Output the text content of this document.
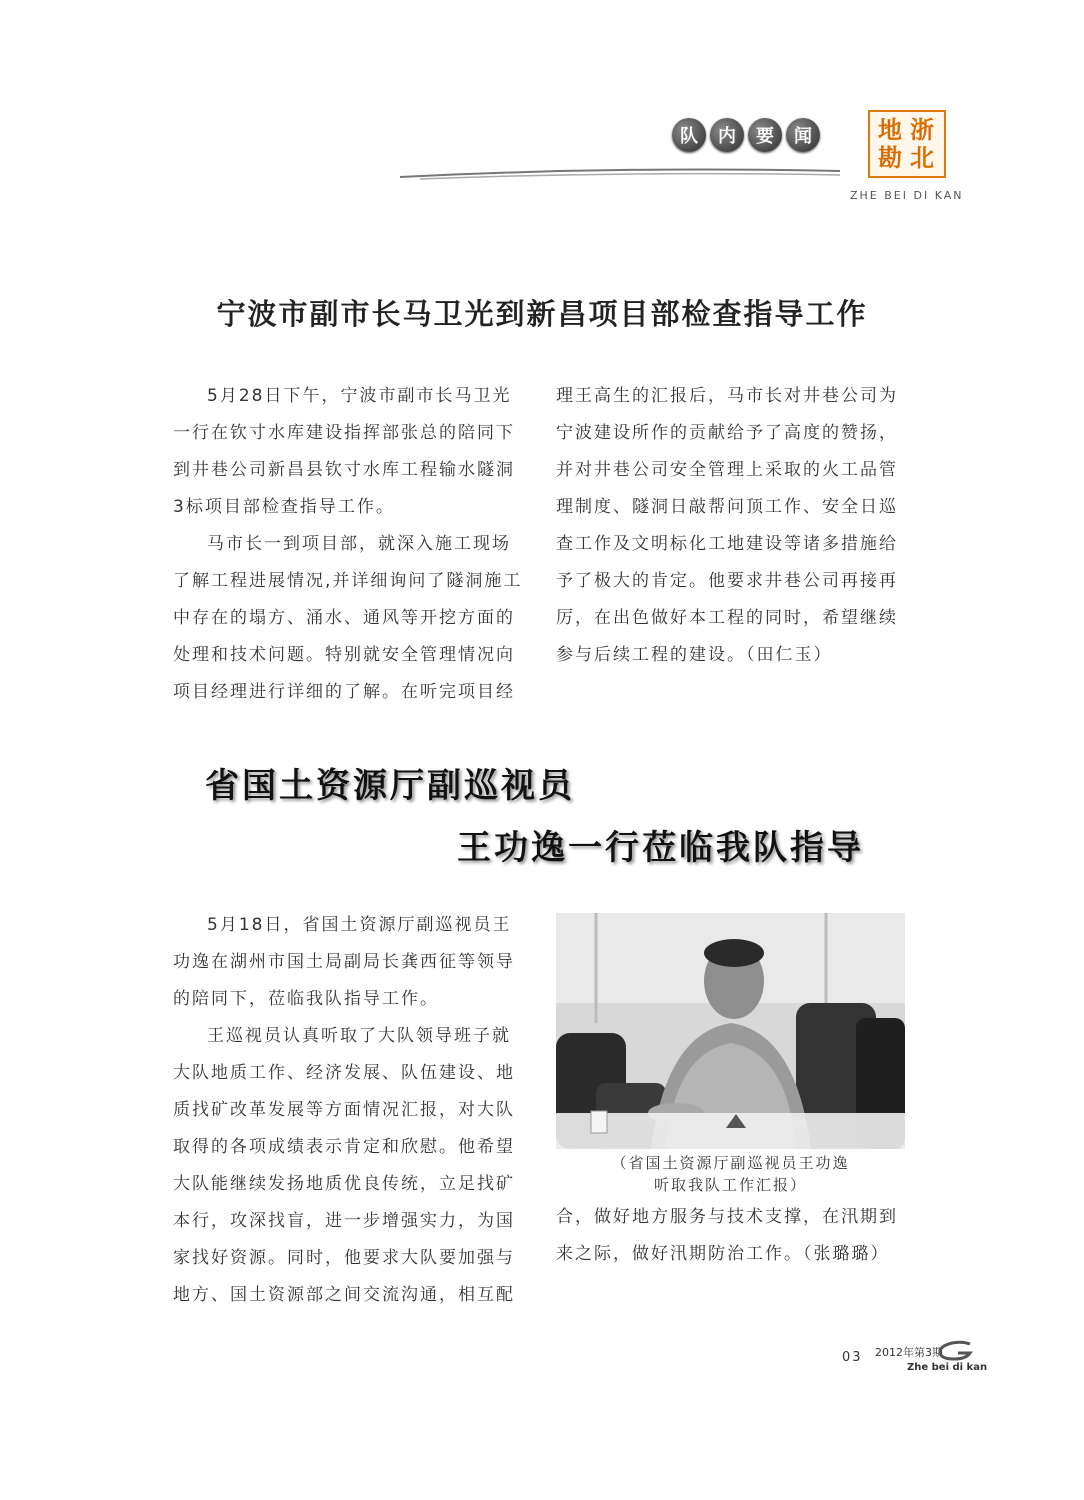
队	内	要	闻	地 浙
勘 北
ZHE BEI DI KAN
宁波市副市长马卫光到新昌项目部检查指导工作

5月28日下午，宁波市副市长马卫光一行在钦寸水库建设指挥部张总的陪同下到井巷公司新昌县钦寸水库工程输水隧洞3标项目部检查指导工作。

马市长一到项目部，就深入施工现场了解工程进展情况,并详细询问了隧洞施工中存在的塌方、涌水、通风等开挖方面的处理和技术问题。特别就安全管理情况向项目经理进行详细的了解。在听完项目经

理王高生的汇报后，马市长对井巷公司为宁波建设所作的贡献给予了高度的赞扬，并对井巷公司安全管理上采取的火工品管理制度、隧洞日敲帮问顶工作、安全日巡查工作及文明标化工地建设等诸多措施给予了极大的肯定。他要求井巷公司再接再厉，在出色做好本工程的同时，希望继续参与后续工程的建设。（田仁玉）

省国土资源厅副巡视员
王功逸一行莅临我队指导

5月18日，省国土资源厅副巡视员王功逸在湖州市国土局副局长龚西征等领导的陪同下，莅临我队指导工作。

王巡视员认真听取了大队领导班子就大队地质工作、经济发展、队伍建设、地质找矿改革发展等方面情况汇报，对大队取得的各项成绩表示肯定和欣慰。他希望大队能继续发扬地质优良传统，立足找矿本行，攻深找盲，进一步增强实力，为国家找好资源。同时，他要求大队要加强与地方、国土资源部之间交流沟通，相互配

（省国土资源厅副巡视员王功逸
听取我队工作汇报）

合，做好地方服务与技术支撑，在汛期到来之际，做好汛期防治工作。（张璐璐）

03 2012年第3期
Zhe bei di kan
